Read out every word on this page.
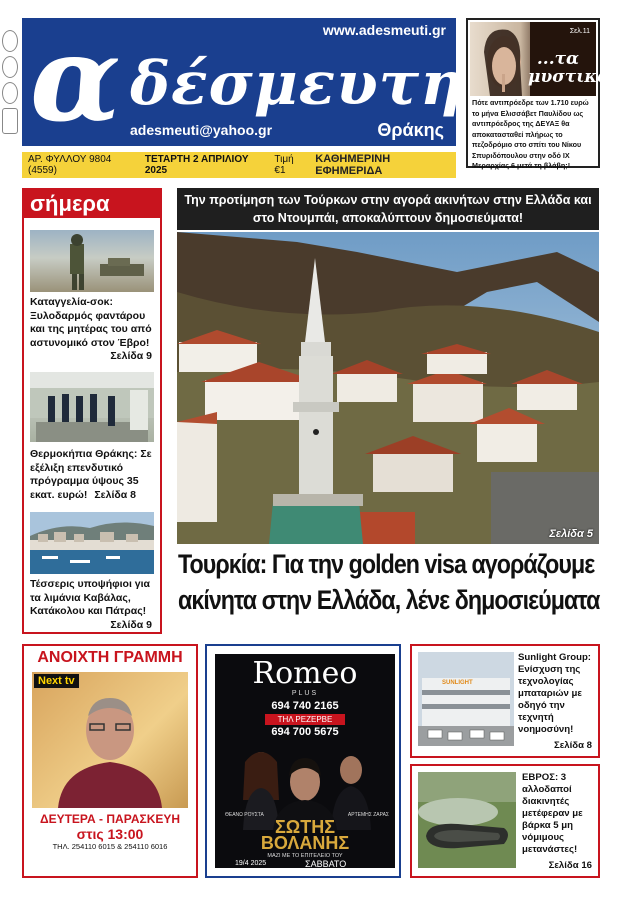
α δέσμευτη
www.adesmeuti.gr
adesmeuti@yahoo.gr	Θράκης
ΑΡ. ΦΥΛΛΟΥ 9804 (4559)
ΤΕΤΑΡΤΗ 2 ΑΠΡΙΛΙΟΥ 2025
Τιμή €1
ΚΑΘΗΜΕΡΙΝΗ ΕΦΗΜΕΡΙΔΑ
Σελ.11
...τα μυστικά
Πότε αντιπρόεδρε των 1.710 ευρώ το μήνα Ελισσάβετ Παυλίδου ως αντιπρόεδρος της ΔΕΥΑΞ θα αποκατασταθεί πλήρως το πεζοδρόμιο στο σπίτι του Νίκου Σπυριδόπουλου στην οδό ΙΧ Μεραρχίας 6 μετά τη βλάβη;!
σήμερα
Καταγγελία-σοκ: Ξυλοδαρμός φαντάρου και της μητέρας του από αστυνομικό στον Έβρο!
Σελίδα 9
Θερμοκήπια Θράκης: Σε εξέλιξη επενδυτικό πρόγραμμα ύψους 35 εκατ. ευρώ! Σελίδα 8
Τέσσερις υποψήφιοι για τα λιμάνια Καβάλας, Κατάκολου και Πάτρας!
Σελίδα 9
Την προτίμηση των Τούρκων στην αγορά ακινήτων στην Ελλάδα και στο Ντουμπάι, αποκαλύπτουν δημοσιεύματα!
Σελίδα 5
Τουρκία: Για την golden visa αγοράζουμε
ακίνητα στην Ελλάδα, λένε δημοσιεύματα
ΑΝΟΙΧΤΗ ΓΡΑΜΜΗ
Next tv
ΔΕΥΤΕΡΑ - ΠΑΡΑΣΚΕΥΗ
στις 13:00
ΤΗΛ. 254110 6015 & 254110 6016
Romeo
PLUS
694 740 2165
ΤΗΛ ΡΕΖΕΡΒΕ
694 700 5675
ΘΕΑΝΩ ΡΟΥΣΤΑ	ΑΡΤΕΜΗΣ ΖΑΡΑΣ
ΣΩΤΗΣ
ΒΟΛΑΝΗΣ
ΜΑΖΙ ΜΕ ΤΟ ΕΠΙΤΕΛΕΙΟ ΤΟΥ
19/4 2025	ΣΑΒΒΑΤΟ
SUNLIGHT
Sunlight Group: Ενίσχυση της τεχνολογίας μπαταριών με οδηγό την τεχνητή νοημοσύνη!
Σελίδα 8
ΕΒΡΟΣ: 3 αλλοδαποί διακινητές μετέφεραν με βάρκα 5 μη νόμιμους μετανάστες!
Σελίδα 16
